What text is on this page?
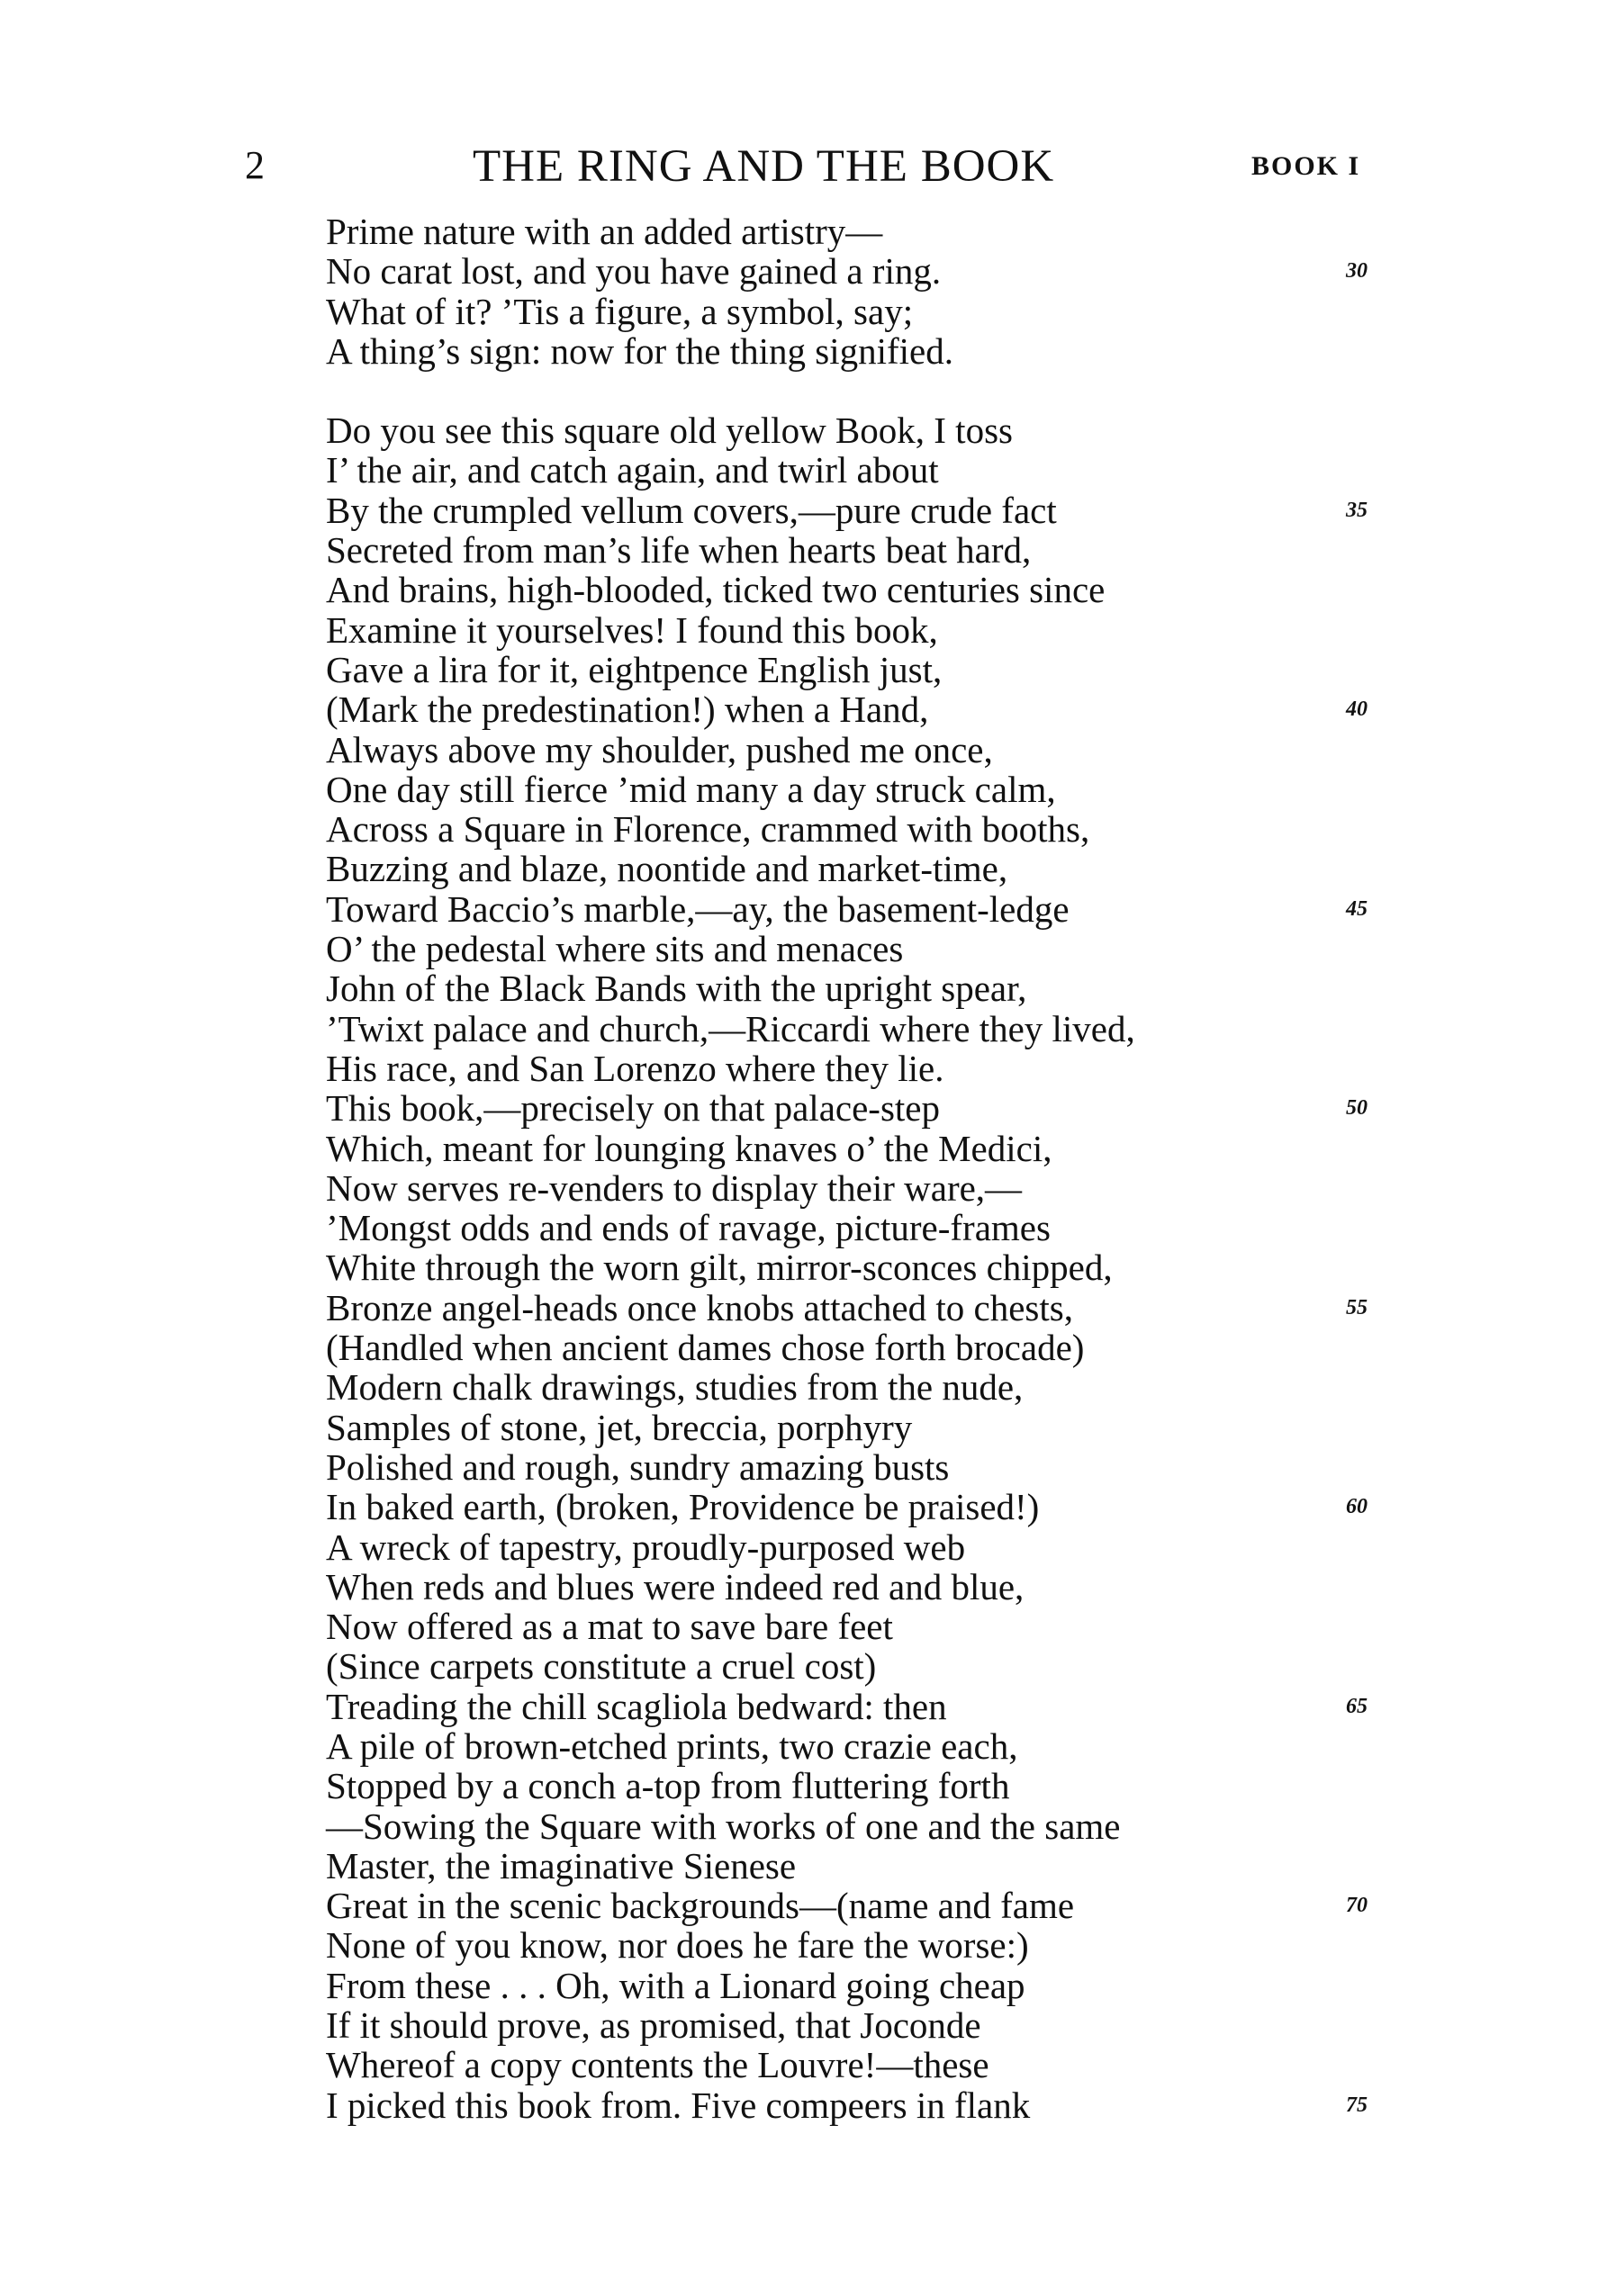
2	THE RING AND THE BOOK	BOOK I
Prime nature with an added artistry—
No carat lost, and you have gained a ring.	30
What of it? ’Tis a figure, a symbol, say;
A thing’s sign: now for the thing signified.
Do you see this square old yellow Book, I toss
I’ the air, and catch again, and twirl about
By the crumpled vellum covers,—pure crude fact	35
Secreted from man’s life when hearts beat hard,
And brains, high-blooded, ticked two centuries since
Examine it yourselves! I found this book,
Gave a lira for it, eightpence English just,
(Mark the predestination!) when a Hand,	40
Always above my shoulder, pushed me once,
One day still fierce ’mid many a day struck calm,
Across a Square in Florence, crammed with booths,
Buzzing and blaze, noontide and market-time,
Toward Baccio’s marble,—ay, the basement-ledge	45
O’ the pedestal where sits and menaces
John of the Black Bands with the upright spear,
’Twixt palace and church,—Riccardi where they lived,
His race, and San Lorenzo where they lie.
This book,—precisely on that palace-step	50
Which, meant for lounging knaves o’ the Medici,
Now serves re-venders to display their ware,—
’Mongst odds and ends of ravage, picture-frames
White through the worn gilt, mirror-sconces chipped,
Bronze angel-heads once knobs attached to chests,	55
(Handled when ancient dames chose forth brocade)
Modern chalk drawings, studies from the nude,
Samples of stone, jet, breccia, porphyry
Polished and rough, sundry amazing busts
In baked earth, (broken, Providence be praised!)	60
A wreck of tapestry, proudly-purposed web
When reds and blues were indeed red and blue,
Now offered as a mat to save bare feet
(Since carpets constitute a cruel cost)
Treading the chill scagliola bedward: then	65
A pile of brown-etched prints, two crazie each,
Stopped by a conch a-top from fluttering forth
—Sowing the Square with works of one and the same
Master, the imaginative Sienese
Great in the scenic backgrounds—(name and fame	70
None of you know, nor does he fare the worse:)
From these . . . Oh, with a Lionard going cheap
If it should prove, as promised, that Joconde
Whereof a copy contents the Louvre!—these
I picked this book from. Five compeers in flank	75
